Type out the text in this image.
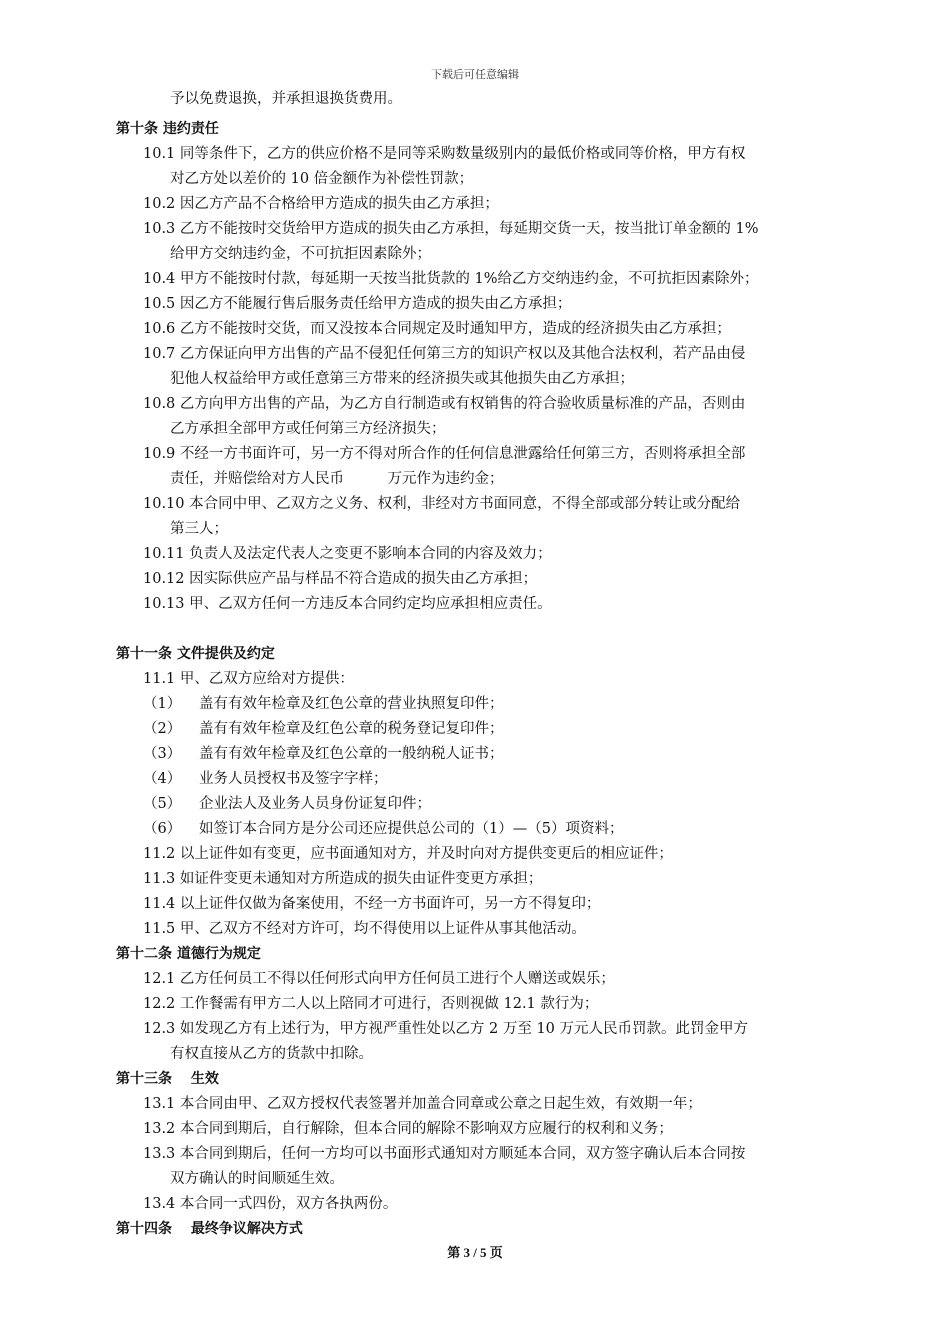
下载后可任意编辑
予以免费退换，并承担退换货费用。
第十条 违约责任
10.1 同等条件下，乙方的供应价格不是同等采购数量级别内的最低价格或同等价格，甲方有权
对乙方处以差价的 10 倍金额作为补偿性罚款；
10.2 因乙方产品不合格给甲方造成的损失由乙方承担；
10.3 乙方不能按时交货给甲方造成的损失由乙方承担，每延期交货一天，按当批订单金额的 1%
给甲方交纳违约金，不可抗拒因素除外；
10.4 甲方不能按时付款，每延期一天按当批货款的 1%给乙方交纳违约金，不可抗拒因素除外；
10.5 因乙方不能履行售后服务责任给甲方造成的损失由乙方承担；
10.6 乙方不能按时交货，而又没按本合同规定及时通知甲方，造成的经济损失由乙方承担；
10.7 乙方保证向甲方出售的产品不侵犯任何第三方的知识产权以及其他合法权利，若产品由侵
犯他人权益给甲方或任意第三方带来的经济损失或其他损失由乙方承担；
10.8 乙方向甲方出售的产品，为乙方自行制造或有权销售的符合验收质量标准的产品，否则由
乙方承担全部甲方或任何第三方经济损失；
10.9 不经一方书面许可，另一方不得对所合作的任何信息泄露给任何第三方，否则将承担全部
责任，并赔偿给对方人民币　　　万元作为违约金；
10.10 本合同中甲、乙双方之义务、权利，非经对方书面同意，不得全部或部分转让或分配给
第三人；
10.11 负责人及法定代表人之变更不影响本合同的内容及效力；
10.12 因实际供应产品与样品不符合造成的损失由乙方承担；
10.13 甲、乙双方任何一方违反本合同约定均应承担相应责任。
第十一条 文件提供及约定
11.1 甲、乙双方应给对方提供：
（1） 盖有有效年检章及红色公章的营业执照复印件；
（2） 盖有有效年检章及红色公章的税务登记复印件；
（3） 盖有有效年检章及红色公章的一般纳税人证书；
（4） 业务人员授权书及签字字样；
（5） 企业法人及业务人员身份证复印件；
（6） 如签订本合同方是分公司还应提供总公司的（1）—（5）项资料；
11.2 以上证件如有变更，应书面通知对方，并及时向对方提供变更后的相应证件；
11.3 如证件变更未通知对方所造成的损失由证件变更方承担；
11.4 以上证件仅做为备案使用，不经一方书面许可，另一方不得复印；
11.5 甲、乙双方不经对方许可，均不得使用以上证件从事其他活动。
第十二条 道德行为规定
12.1 乙方任何员工不得以任何形式向甲方任何员工进行个人赠送或娱乐；
12.2 工作餐需有甲方二人以上陪同才可进行，否则视做 12.1 款行为；
12.3 如发现乙方有上述行为，甲方视严重性处以乙方 2 万至 10 万元人民币罚款。此罚金甲方
有权直接从乙方的货款中扣除。
第十三条　 生效
13.1 本合同由甲、乙双方授权代表签署并加盖合同章或公章之日起生效，有效期一年；
13.2 本合同到期后，自行解除，但本合同的解除不影响双方应履行的权利和义务；
13.3 本合同到期后，任何一方均可以书面形式通知对方顺延本合同，双方签字确认后本合同按
双方确认的时间顺延生效。
13.4 本合同一式四份，双方各执两份。
第十四条　 最终争议解决方式
第 3 / 5 页
